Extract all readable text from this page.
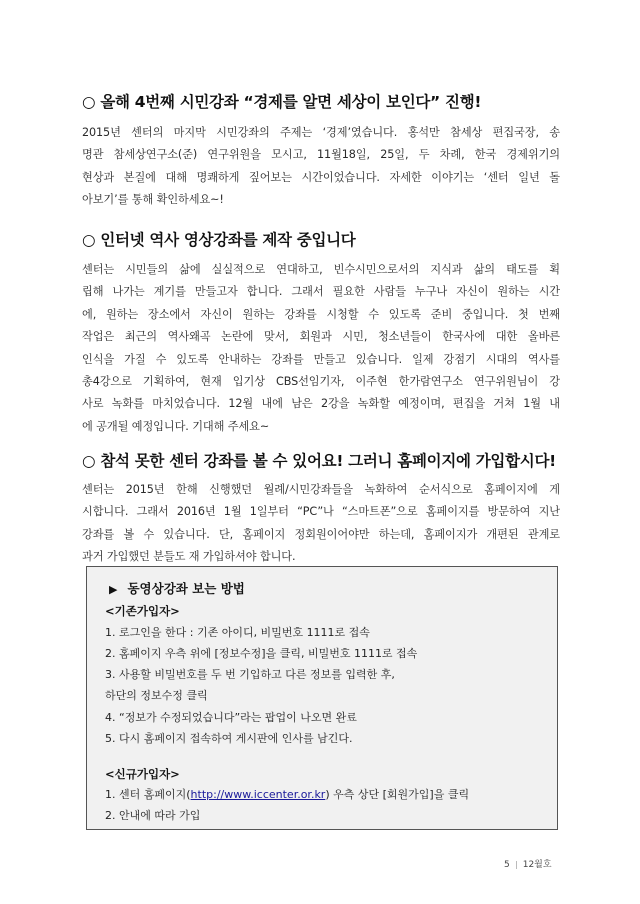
○ 올해 4번째 시민강좌 “경제를 알면 세상이 보인다” 진행!
2015년 센터의 마지막 시민강좌의 주제는 ‘경제’였습니다. 홍석만 참세상 편집국장, 송
명관 참세상연구소(준) 연구위원을 모시고, 11월18일, 25일, 두 차례, 한국 경제위기의
현상과 본질에 대해 명쾌하게 짚어보는 시간이었습니다. 자세한 이야기는 ‘센터 일년 돌
아보기’를 통해 확인하세요~!
○ 인터넷 역사 영상강좌를 제작 중입니다
센터는 시민들의 삶에 실실적으로 연대하고, 빈수시민으로서의 지식과 삶의 태도를 획
립해 나가는 계기를 만들고자 합니다. 그래서 필요한 사람들 누구나 자신이 원하는 시간
에, 원하는 장소에서 자신이 원하는 강좌를 시청할 수 있도록 준비 중입니다. 첫 번째
작업은 최근의 역사왜곡 논란에 맞서, 회원과 시민, 청소년들이 한국사에 대한 올바른
인식을 가질 수 있도록 안내하는 강좌를 만들고 있습니다. 일제 강점기 시대의 역사를
총4강으로 기획하여, 현재 입기상 CBS선임기자, 이주현 한가람연구소 연구위원님이 강
사로 녹화를 마치었습니다. 12월 내에 남은 2강을 녹화할 예정이며, 편집을 거쳐 1월 내
에 공개될 예정입니다. 기대해 주세요~
○ 참석 못한 센터 강좌를 볼 수 있어요! 그러니 홈페이지에 가입합시다!
센터는 2015년 한해 신행했던 월례/시민강좌들을 녹화하여 순서식으로 홈페이지에 게
시합니다. 그래서 2016년 1월 1일부터 “PC”나 “스마트폰”으로 홈페이지를 방문하여 지난
강좌를 볼 수 있습니다. 단, 홈페이지 정회원이어야만 하는데, 홈페이지가 개편된 관계로
과거 가입했던 분들도 재 가입하셔야 합니다.
▶ 동영상강좌 보는 방법
<기존가입자>
1. 로그인을 한다 : 기존 아이디, 비밀번호 1111로 접속
2. 홈페이지 우측 위에 [정보수정]을 클릭, 비밀번호 1111로 접속
3. 사용할 비밀번호를 두 번 기입하고 다른 정보를 입력한 후,
하단의 정보수정 클릭
4. “정보가 수정되었습니다”라는 팝업이 나오면 완료
5. 다시 홈페이지 접속하여 게시판에 인사를 남긴다.
<신규가입자>
1. 센터 홈페이지(http://www.iccenter.or.kr) 우측 상단 [회원가입]을 클릭
2. 안내에 따라 가입
5 12월호
